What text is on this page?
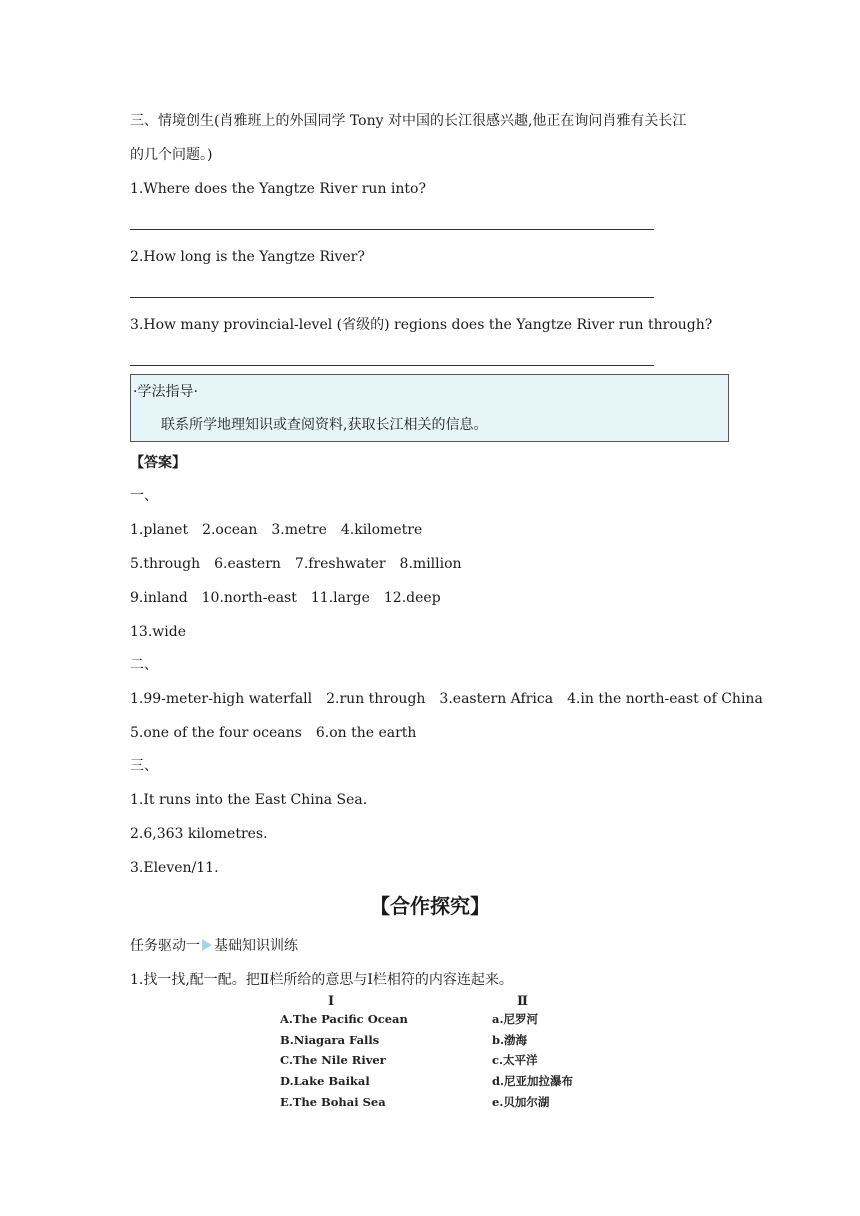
三、情境创生(肖雅班上的外国同学 Tony 对中国的长江很感兴趣,他正在询问肖雅有关长江
的几个问题。)
1.Where does the Yangtze River run into?
2.How long is the Yangtze River?
3.How many provincial-level (省级的) regions does the Yangtze River run through?
·学法指导·
联系所学地理知识或查阅资料,获取长江相关的信息。
【答案】
一、
1.planet　2.ocean　3.metre　4.kilometre
5.through　6.eastern　7.freshwater　8.million
9.inland　10.north-east　11.large　12.deep
13.wide
二、
1.99-meter-high waterfall　2.run through　3.eastern Africa　4.in the north-east of China
5.one of the four oceans　6.on the earth
三、
1.It runs into the East China Sea.
2.6,363 kilometres.
3.Eleven/11.
【合作探究】
任务驱动一 基础知识训练
1.找一找,配一配。把Ⅱ栏所给的意思与Ⅰ栏相符的内容连起来。
Ⅰ	Ⅱ
A.The Pacific Ocean
B.Niagara Falls
C.The Nile River
D.Lake Baikal
E.The Bohai Sea
a.尼罗河
b.渤海
c.太平洋
d.尼亚加拉瀑布
e.贝加尔湖
